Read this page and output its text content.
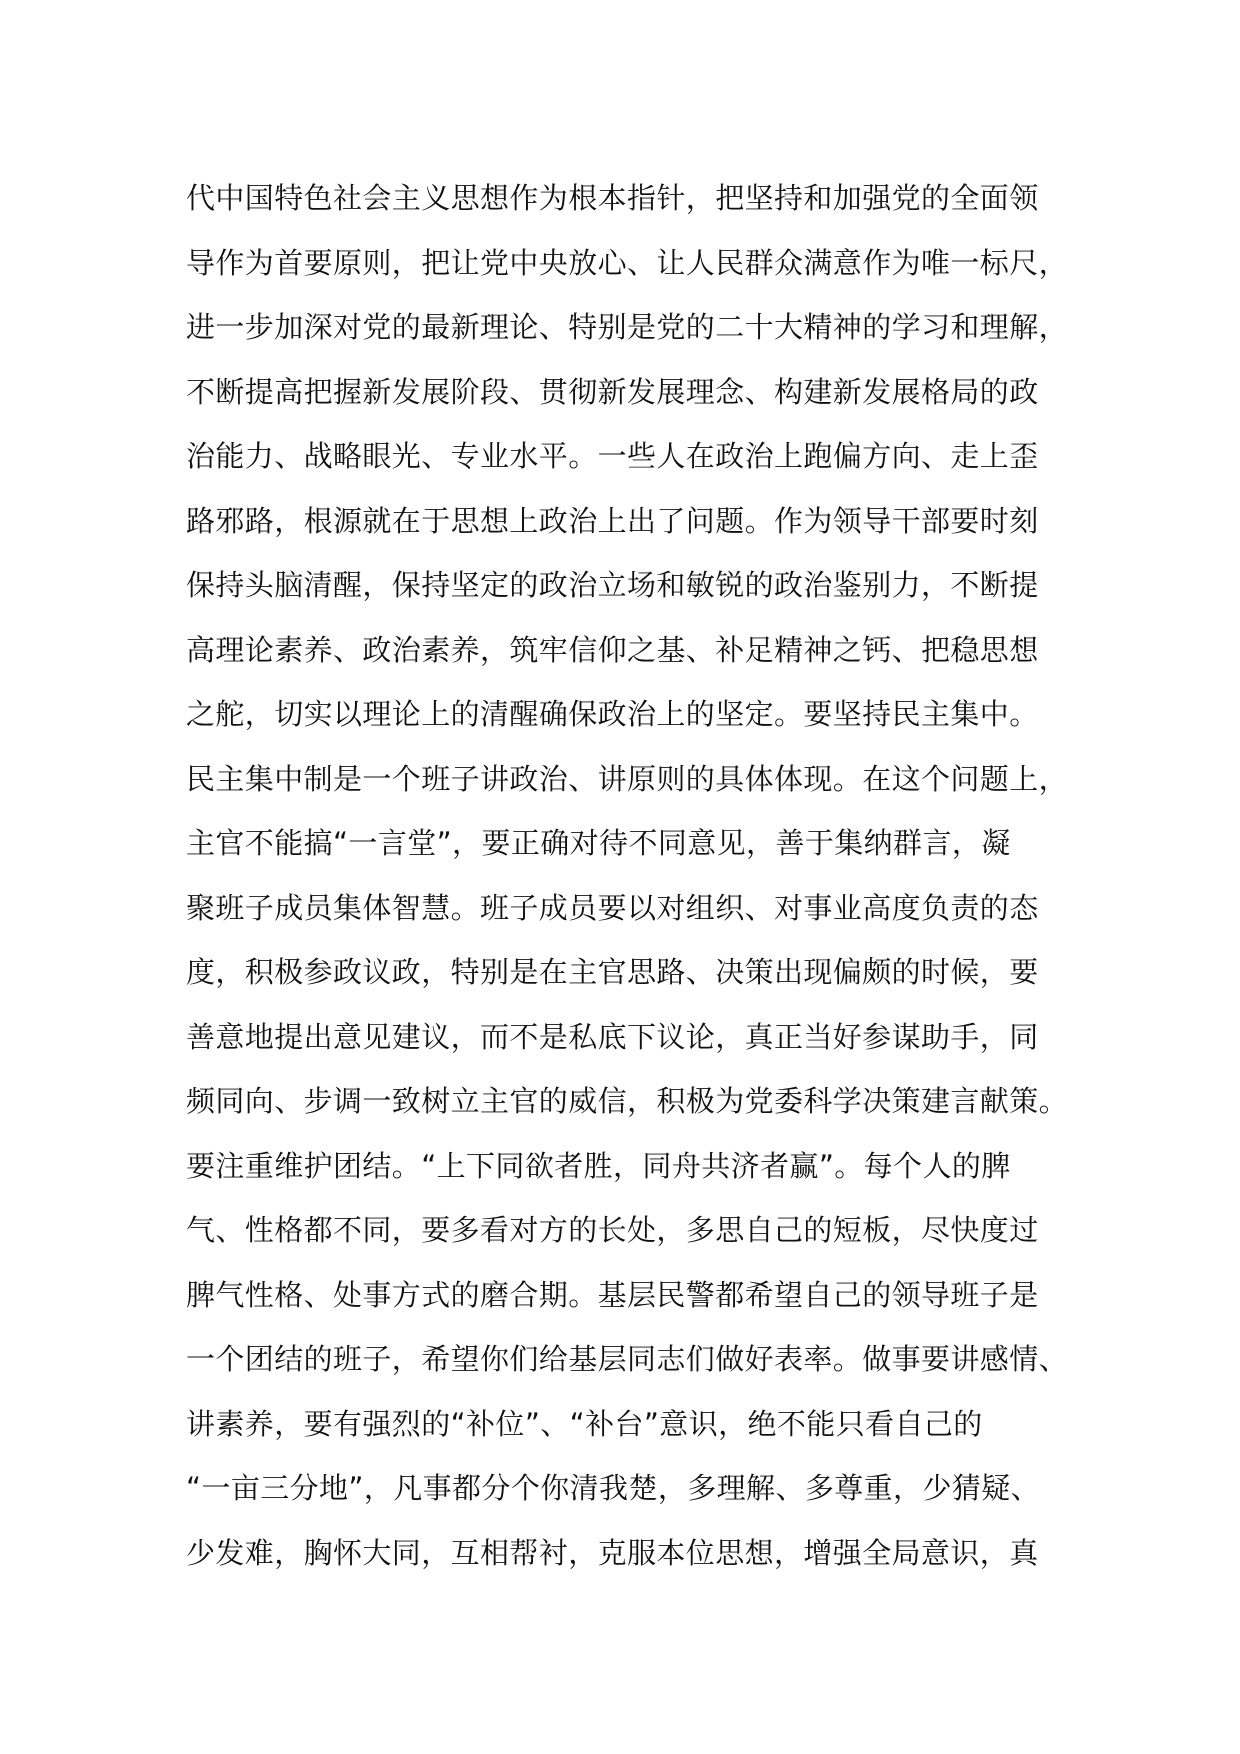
代中国特色社会主义思想作为根本指针，把坚持和加强党的全面领
导作为首要原则，把让党中央放心、让人民群众满意作为唯一标尺，
进一步加深对党的最新理论、特别是党的二十大精神的学习和理解，
不断提高把握新发展阶段、贯彻新发展理念、构建新发展格局的政
治能力、战略眼光、专业水平。一些人在政治上跑偏方向、走上歪
路邪路，根源就在于思想上政治上出了问题。作为领导干部要时刻
保持头脑清醒，保持坚定的政治立场和敏锐的政治鉴别力，不断提
高理论素养、政治素养，筑牢信仰之基、补足精神之钙、把稳思想
之舵，切实以理论上的清醒确保政治上的坚定。要坚持民主集中。
民主集中制是一个班子讲政治、讲原则的具体体现。在这个问题上，
主官不能搞“一言堂”，要正确对待不同意见，善于集纳群言，凝
聚班子成员集体智慧。班子成员要以对组织、对事业高度负责的态
度，积极参政议政，特别是在主官思路、决策出现偏颇的时候，要
善意地提出意见建议，而不是私底下议论，真正当好参谋助手，同
频同向、步调一致树立主官的威信，积极为党委科学决策建言献策。
要注重维护团结。“上下同欲者胜，同舟共济者赢”。每个人的脾
气、性格都不同，要多看对方的长处，多思自己的短板，尽快度过
脾气性格、处事方式的磨合期。基层民警都希望自己的领导班子是
一个团结的班子，希望你们给基层同志们做好表率。做事要讲感情、
讲素养，要有强烈的“补位”、“补台”意识，绝不能只看自己的
“一亩三分地”，凡事都分个你清我楚，多理解、多尊重，少猜疑、
少发难，胸怀大同，互相帮衬，克服本位思想，增强全局意识，真
